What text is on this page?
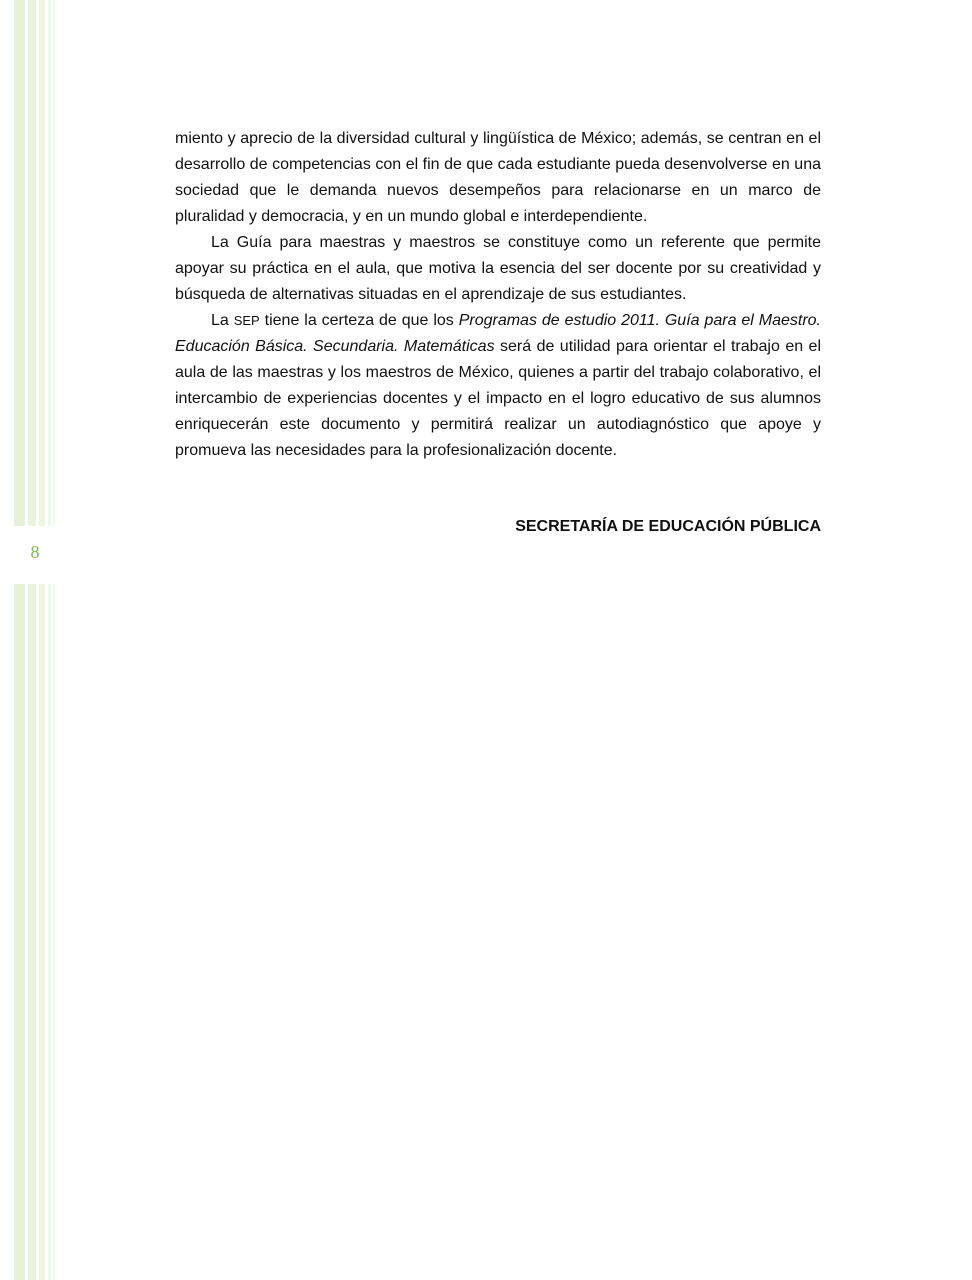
8

miento y aprecio de la diversidad cultural y lingüística de México; además, se centran en el desarrollo de competencias con el fin de que cada estudiante pueda desenvolverse en una sociedad que le demanda nuevos desempeños para relacionarse en un marco de pluralidad y democracia, y en un mundo global e interdependiente.

La Guía para maestras y maestros se constituye como un referente que permite apoyar su práctica en el aula, que motiva la esencia del ser docente por su creatividad y búsqueda de alternativas situadas en el aprendizaje de sus estudiantes.

La SEP tiene la certeza de que los Programas de estudio 2011. Guía para el Maestro. Educación Básica. Secundaria. Matemáticas será de utilidad para orientar el trabajo en el aula de las maestras y los maestros de México, quienes a partir del trabajo colaborativo, el intercambio de experiencias docentes y el impacto en el logro educativo de sus alumnos enriquecerán este documento y permitirá realizar un autodiagnóstico que apoye y promueva las necesidades para la profesionalización docente.

SECRETARÍA DE EDUCACIÓN PÚBLICA
